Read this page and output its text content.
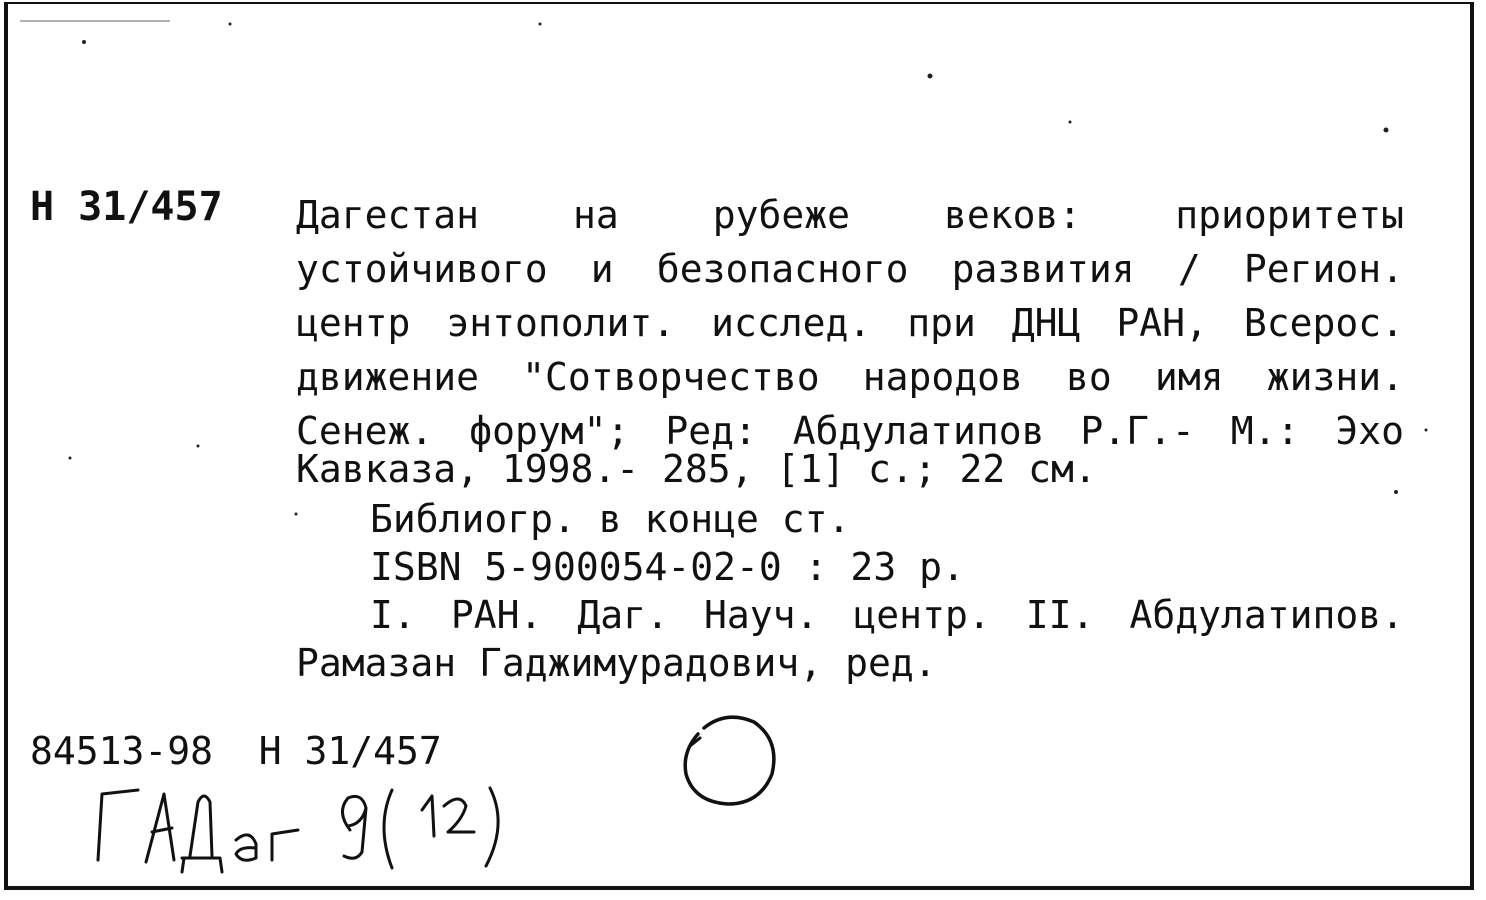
Н 31/457 Дагестан на рубеже веков: приоритеты
устойчивого и безопасного развития / Регион.
центр энтополит. исслед. при ДНЦ РАН, Всерос.
движение "Сотворчество народов во имя жизни.
Сенеж. форум"; Ред: Абдулатипов Р.Г.- М.: Эхо
Кавказа, 1998.- 285, [1] с.; 22 см.
Библиогр. в конце ст.
ISBN 5-900054-02-0 : 23 р.
I. РАН. Даг. Науч. центр. II. Абдулатипов.
Рамазан Гаджимурадович, ред.
84513-98  Н 31/457
